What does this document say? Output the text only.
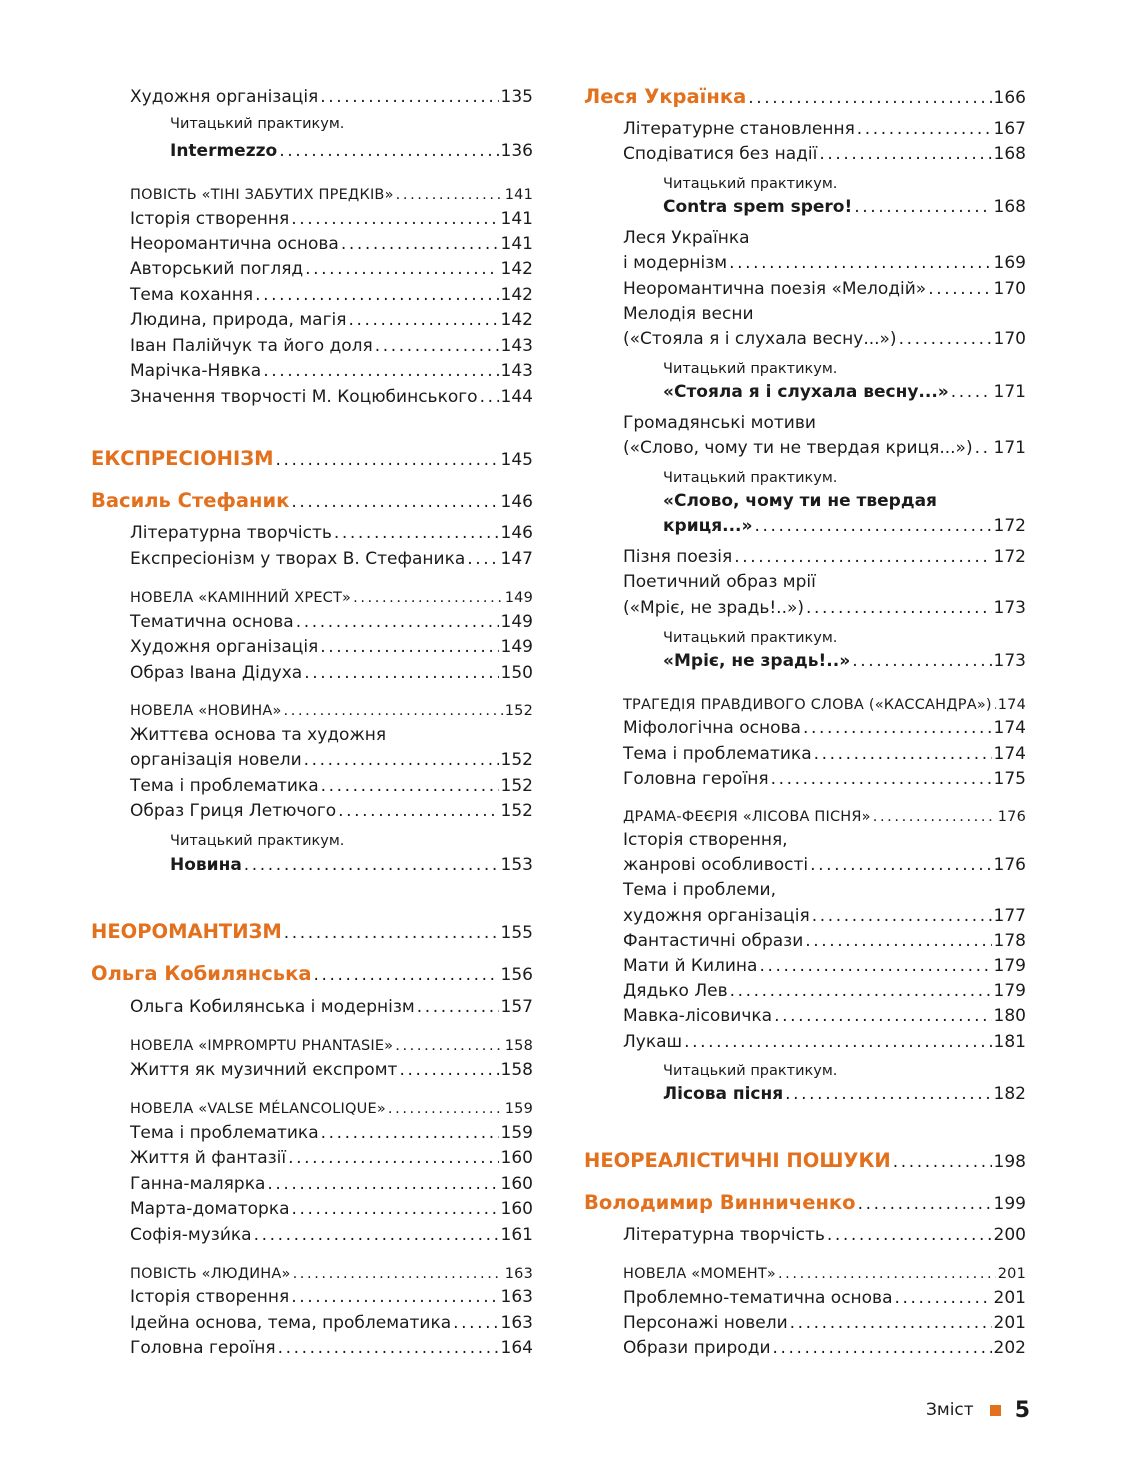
Художня організація .....	135
Читацький практикум.
Intermezzo .....	136
ПОВІСТЬ «ТІНІ ЗАБУТИХ ПРЕДКІВ» .....	141
Історія створення .....	141
Неоромантична основа .....	141
Авторський погляд .....	142
Тема кохання .....	142
Людина, природа, магія .....	142
Іван Палійчук та його доля .....	143
Марічка-Нявка .....	143
Значення творчості М. Коцюбинського ..... 144
ЕКСПРЕСІОНІЗМ .....	145
Василь Стефаник .....	146
Літературна творчість .....	146
Експресіонізм у творах В. Стефаника ..... 147
НОВЕЛА «КАМІННИЙ ХРЕСТ» .....	149
Тематична основа .....	149
Художня організація .....	149
Образ Івана Дідуха .....	150
НОВЕЛА «НОВИНА» .....	152
Життєва основа та художня
організація новели .....	152
Тема і проблематика .....	152
Образ Гриця Летючого .....	152
Читацький практикум.
Новина .....	153
НЕОРОМАНТИЗМ .....	155
Ольга Кобилянська .....	156
Ольга Кобилянська і модернізм .....	157
НОВЕЛА «IMPROMPTU PHANTASIE» .....	158
Життя як музичний експромт .....	158
НОВЕЛА «VALSE MÉLANCOLIQUE» .....	159
Тема і проблематика .....	159
Життя й фантазії .....	160
Ганна-малярка .....	160
Марта-доматорка .....	160
Софія-музи́ка .....	161
ПОВІСТЬ «ЛЮДИНА» .....	163
Історія створення .....	163
Ідейна основа, тема, проблематика .....	163
Головна героїня .....	164
Леся Українка .....	166
Літературне становлення .....	167
Сподіватися без надії .....	168
Читацький практикум.
Contra spem spero! .....	168
Леся Українка
і модернізм .....	169
Неоромантична поезія «Мелодій» .....	170
Мелодія весни
(«Стояла я і слухала весну...») .....	170
Читацький практикум.
«Стояла я і слухала весну...» .....	171
Громадянські мотиви
(«Слово, чому ти не твердая криця...») ..... 171
Читацький практикум.
«Слово, чому ти не твердая
криця...» .....	172
Пізня поезія .....	172
Поетичний образ мрії
(«Мріє, не зрадь!..») .....	173
Читацький практикум.
«Мріє, не зрадь!..» .....	173
ТРАГЕДІЯ ПРАВДИВОГО СЛОВА («КАССАНДРА») ..... 174
Міфологічна основа .....	174
Тема і проблематика .....	174
Головна героїня .....	175
ДРАМА-ФЕЄРІЯ «ЛІСОВА ПІСНЯ» .....	176
Історія створення,
жанрові особливості .....	176
Тема і проблеми,
художня організація .....	177
Фантастичні образи .....	178
Мати й Килина .....	179
Дядько Лев .....	179
Мавка-лісовичка .....	180
Лукаш .....	181
Читацький практикум.
Лісова пісня .....	182
НЕОРЕАЛІСТИЧНІ ПОШУКИ .....	198
Володимир Винниченко .....	199
Літературна творчість .....	200
НОВЕЛА «МОМЕНТ» .....	201
Проблемно-тематична основа .....	201
Персонажі новели .....	201
Образи природи .....	202
Зміст 5
